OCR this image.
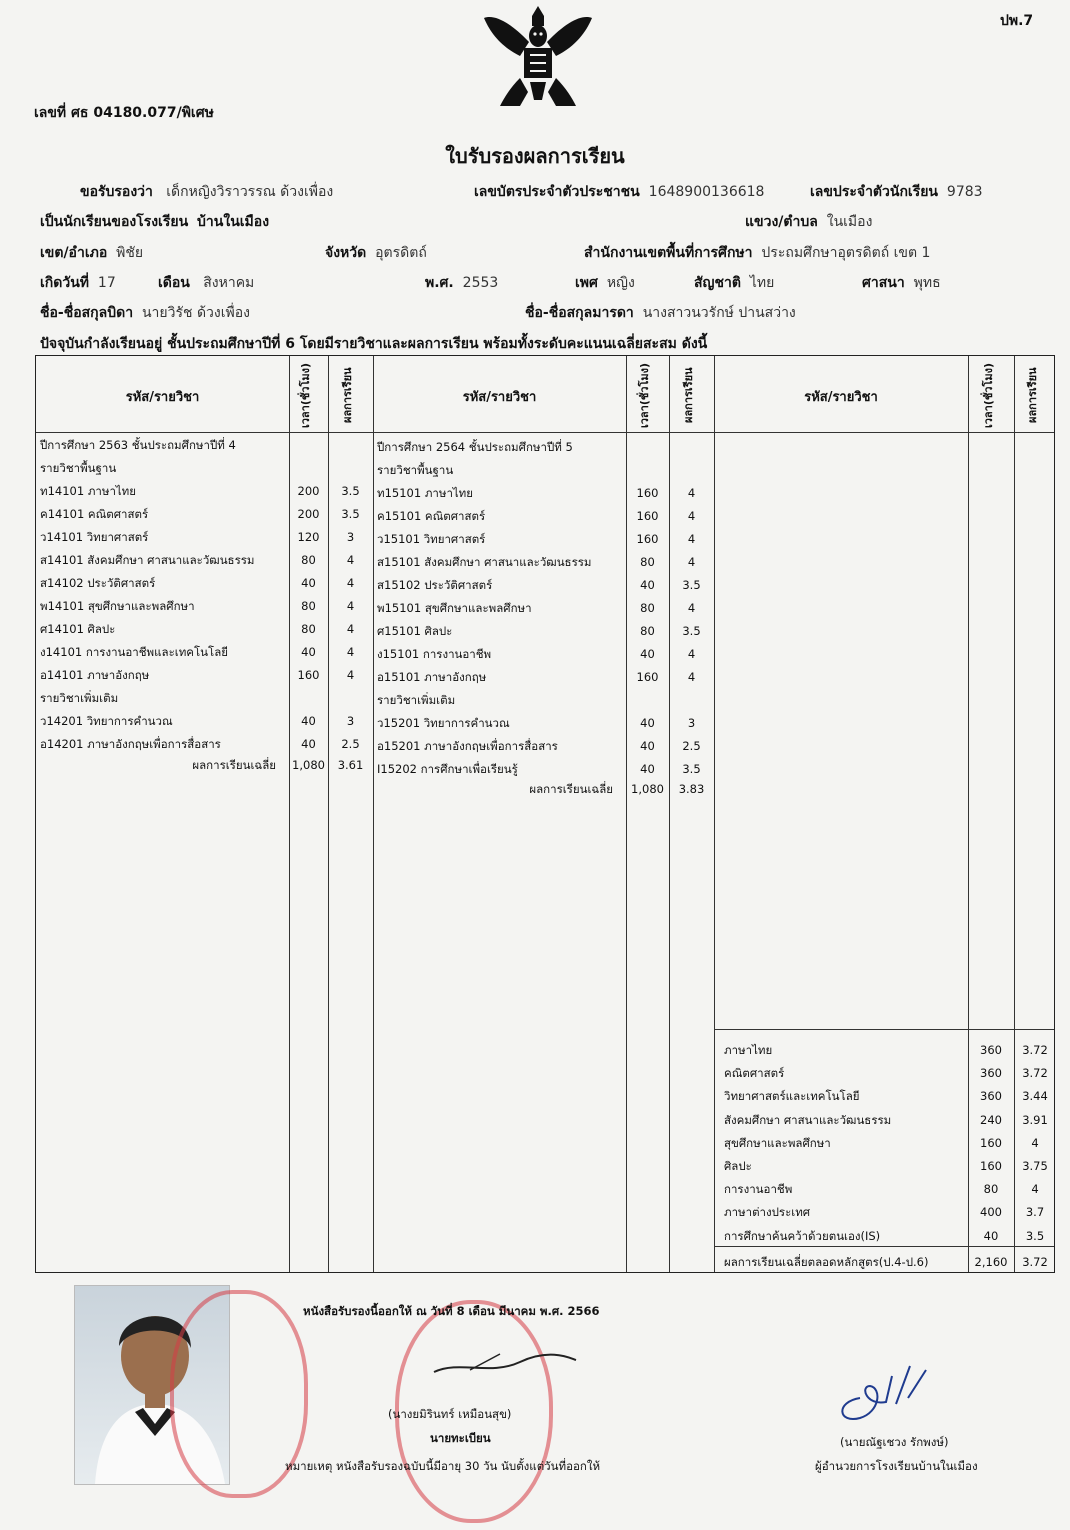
ปพ.7
เลขที่ ศธ 04180.077/พิเศษ
ใบรับรองผลการเรียน
ขอรับรองว่า เด็กหญิงวิราวรรณ ด้วงเพื่อง	เลขบัตรประจำตัวประชาชน 1648900136618	เลขประจำตัวนักเรียน 9783
เป็นนักเรียนของโรงเรียน บ้านในเมือง	แขวง/ตำบล ในเมือง
เขต/อำเภอ พิชัย	จังหวัด อุตรดิตถ์	สำนักงานเขตพื้นที่การศึกษา ประถมศึกษาอุตรดิตถ์ เขต 1
เกิดวันที่ 17	เดือน สิงหาคม	พ.ศ. 2553	เพศ หญิง	สัญชาติ ไทย	ศาสนา พุทธ
ชื่อ-ชื่อสกุลบิดา นายวิรัช ด้วงเพื่อง	ชื่อ-ชื่อสกุลมารดา นางสาวนวรักษ์ ปานสว่าง
ปัจจุบันกำลังเรียนอยู่ ชั้นประถมศึกษาปีที่ 6 โดยมีรายวิชาและผลการเรียน พร้อมทั้งระดับคะแนนเฉลี่ยสะสม ดังนี้
รหัส/รายวิชา	เวลา(ชั่วโมง)	ผลการเรียน	รหัส/รายวิชา	เวลา(ชั่วโมง)	ผลการเรียน	รหัส/รายวิชา	เวลา(ชั่วโมง)	ผลการเรียน
ปีการศึกษา 2563 ชั้นประถมศึกษาปีที่ 4
รายวิชาพื้นฐาน
ท14101 ภาษาไทย	200	3.5
ค14101 คณิตศาสตร์	200	3.5
ว14101 วิทยาศาสตร์	120	3
ส14101 สังคมศึกษา ศาสนาและวัฒนธรรม	80	4
ส14102 ประวัติศาสตร์	40	4
พ14101 สุขศึกษาและพลศึกษา	80	4
ศ14101 ศิลปะ	80	4
ง14101 การงานอาชีพและเทคโนโลยี	40	4
อ14101 ภาษาอังกฤษ	160	4
รายวิชาเพิ่มเติม
ว14201 วิทยาการคำนวณ	40	3
อ14201 ภาษาอังกฤษเพื่อการสื่อสาร	40	2.5
ปีการศึกษา 2564 ชั้นประถมศึกษาปีที่ 5
รายวิชาพื้นฐาน
ท15101 ภาษาไทย	160	4
ค15101 คณิตศาสตร์	160	4
ว15101 วิทยาศาสตร์	160	4
ส15101 สังคมศึกษา ศาสนาและวัฒนธรรม	80	4
ส15102 ประวัติศาสตร์	40	3.5
พ15101 สุขศึกษาและพลศึกษา	80	4
ศ15101 ศิลปะ	80	3.5
ง15101 การงานอาชีพ	40	4
อ15101 ภาษาอังกฤษ	160	4
รายวิชาเพิ่มเติม
ว15201 วิทยาการคำนวณ	40	3
อ15201 ภาษาอังกฤษเพื่อการสื่อสาร	40	2.5
I15202 การศึกษาเพื่อเรียนรู้	40	3.5
ภาษาไทย	360	3.72
คณิตศาสตร์	360	3.72
วิทยาศาสตร์และเทคโนโลยี	360	3.44
สังคมศึกษา ศาสนาและวัฒนธรรม	240	3.91
สุขศึกษาและพลศึกษา	160	4
ศิลปะ	160	3.75
การงานอาชีพ	80	4
ภาษาต่างประเทศ	400	3.7
การศึกษาค้นคว้าด้วยตนเอง(IS)	40	3.5
ผลการเรียนเฉลี่ย 1,080	3.61
ผลการเรียนเฉลี่ย	1,080	3.83
ผลการเรียนเฉลี่ยตลอดหลักสูตร(ป.4-ป.6)	2,160	3.72
หนังสือรับรองนี้ออกให้ ณ วันที่ 8 เดือน มีนาคม พ.ศ. 2566
(นางยมิรินทร์ เหมือนสุข)
นายทะเบียน
หมายเหตุ หนังสือรับรองฉบับนี้มีอายุ 30 วัน นับตั้งแต่วันที่ออกให้
(นายณัฐเชวง รักพงษ์)
ผู้อำนวยการโรงเรียนบ้านในเมือง
